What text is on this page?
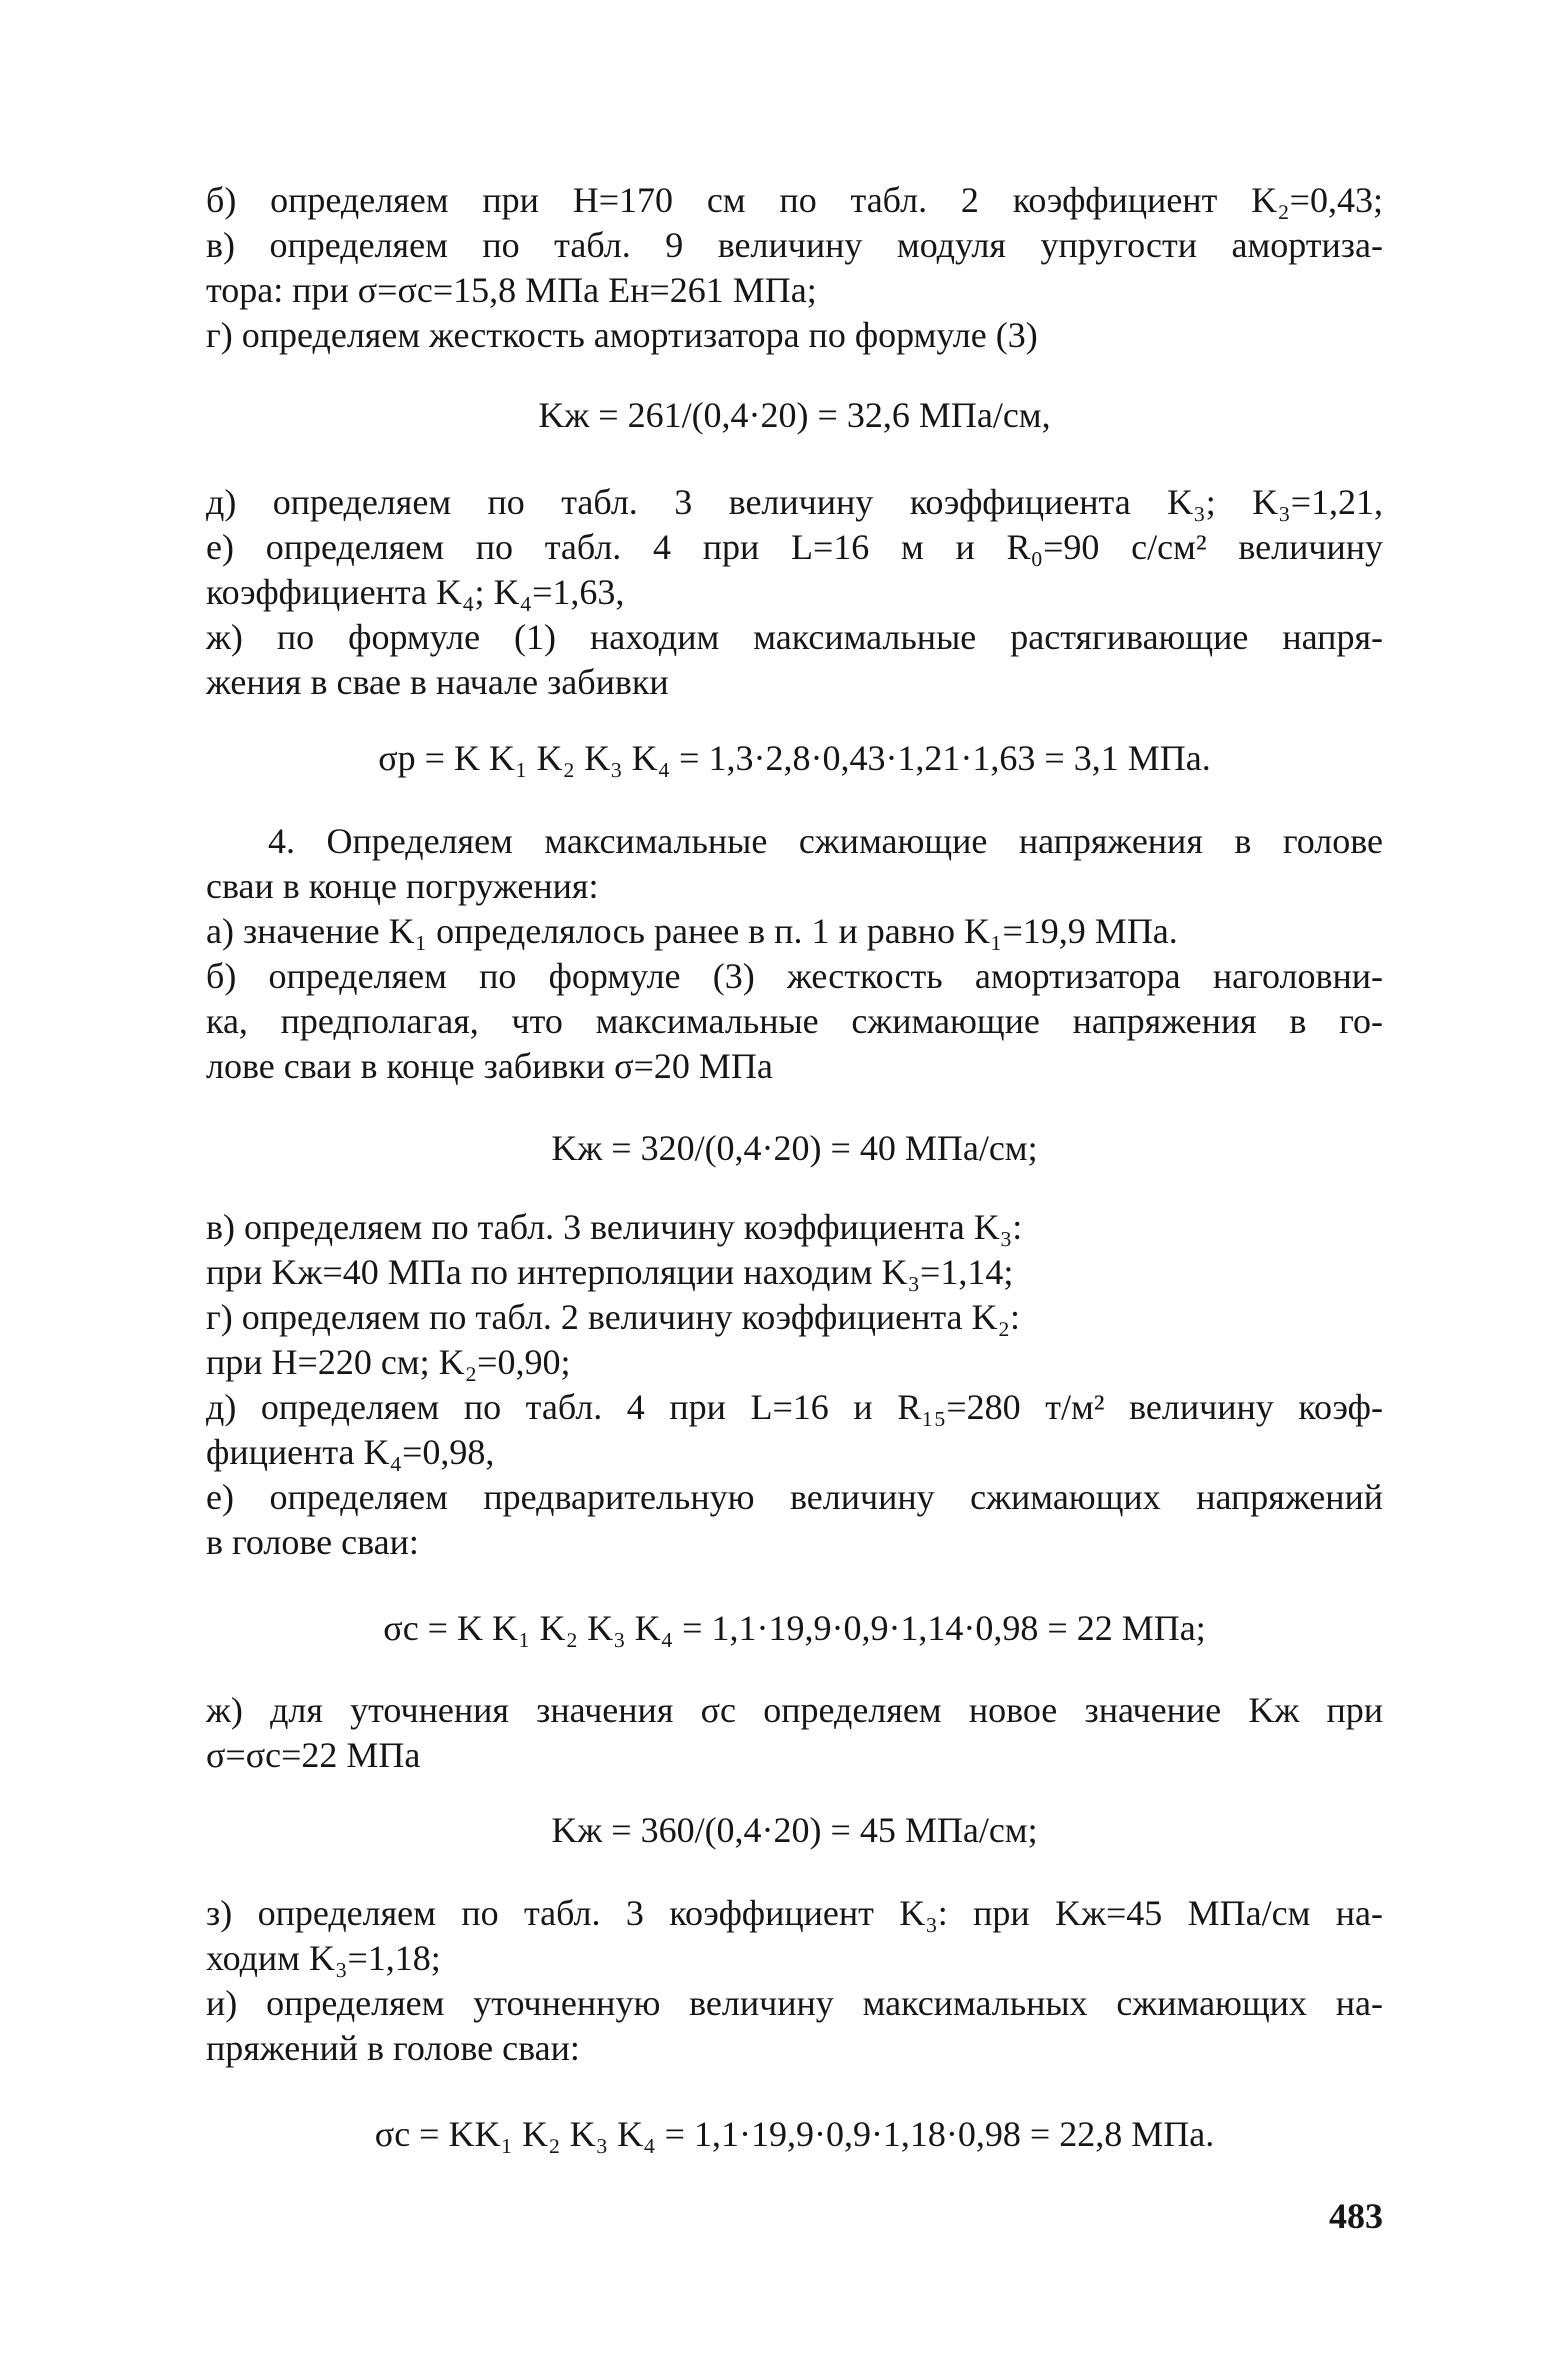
б) определяем при H=170 см по табл. 2 коэффициент K₂=0,43;
в) определяем по табл. 9 величину модуля упругости амортиза-
тора: при σ=σc=15,8 МПа Eн=261 МПа;
г) определяем жесткость амортизатора по формуле (3)
Kж = 261/(0,4·20) = 32,6 МПа/см,
д) определяем по табл. 3 величину коэффициента K₃; K₃=1,21,
е) определяем по табл. 4 при L=16 м и R₀=90 с/см² величину
коэффициента K₄; K₄=1,63,
ж) по формуле (1) находим максимальные растягивающие напря-
жения в свае в начале забивки
σp = K K₁ K₂ K₃ K₄ = 1,3·2,8·0,43·1,21·1,63 = 3,1 МПа.
4. Определяем максимальные сжимающие напряжения в голове
сваи в конце погружения:
а) значение K₁ определялось ранее в п. 1 и равно K₁=19,9 МПа.
б) определяем по формуле (3) жесткость амортизатора наголовни-
ка, предполагая, что максимальные сжимающие напряжения в го-
лове сваи в конце забивки σ=20 МПа
Kж = 320/(0,4·20) = 40 МПа/см;
в) определяем по табл. 3 величину коэффициента K₃:
при Kж=40 МПа по интерполяции находим K₃=1,14;
г) определяем по табл. 2 величину коэффициента K₂:
при H=220 см; K₂=0,90;
д) определяем по табл. 4 при L=16 и R₁₅=280 т/м² величину коэф-
фициента K₄=0,98,
е) определяем предварительную величину сжимающих напряжений
в голове сваи:
σc = K K₁ K₂ K₃ K₄ = 1,1·19,9·0,9·1,14·0,98 = 22 МПа;
ж) для уточнения значения σc определяем новое значение Kж при
σ=σc=22 МПа
Kж = 360/(0,4·20) = 45 МПа/см;
з) определяем по табл. 3 коэффициент K₃: при Kж=45 МПа/см на-
ходим K₃=1,18;
и) определяем уточненную величину максимальных сжимающих на-
пряжений в голове сваи:
σc = KK₁ K₂ K₃ K₄ = 1,1·19,9·0,9·1,18·0,98 = 22,8 МПа.
483
